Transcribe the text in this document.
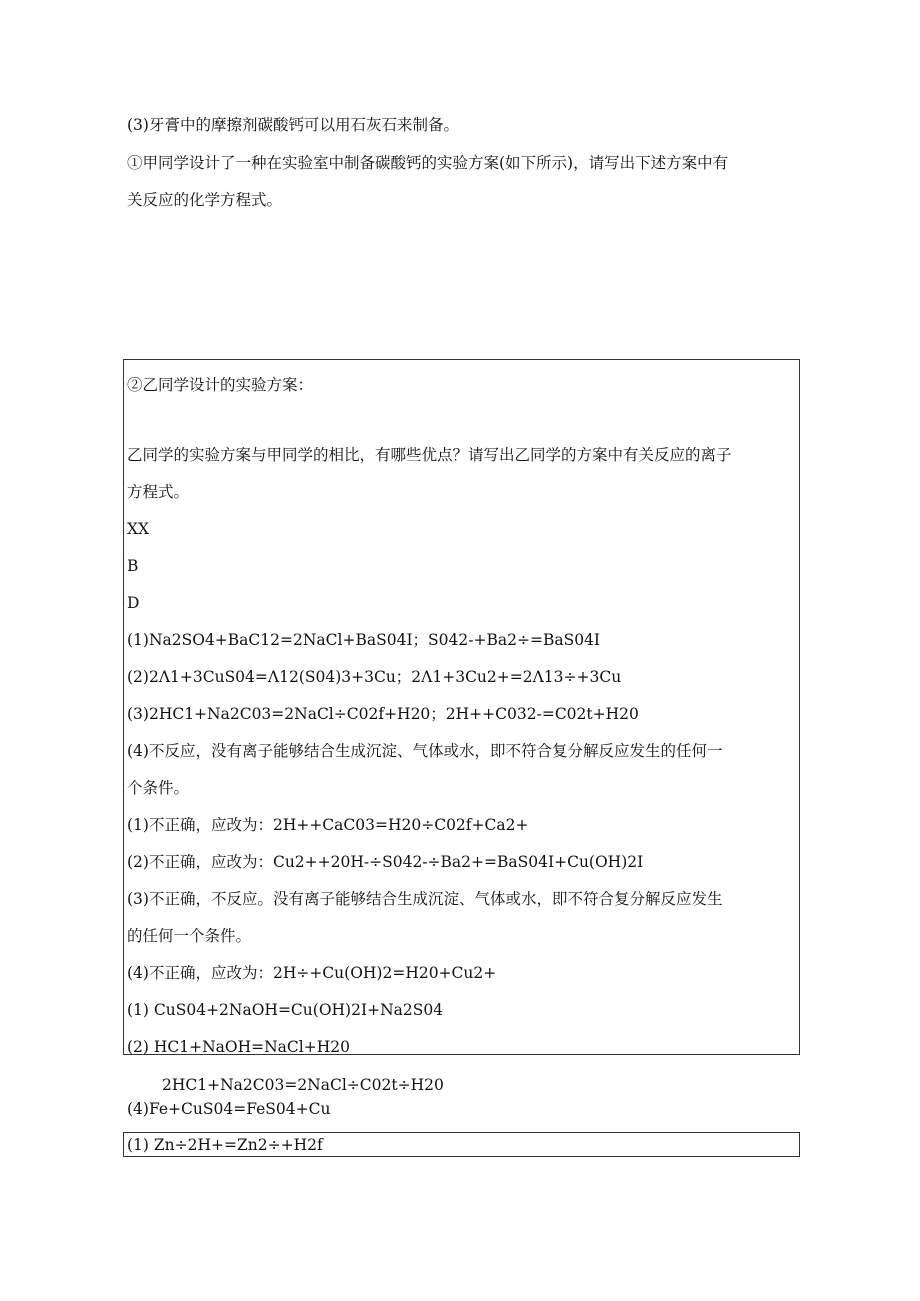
(3)牙膏中的摩擦剂碳酸钙可以用石灰石来制备。
①甲同学设计了一种在实验室中制备碳酸钙的实验方案(如下所示)，请写出下述方案中有
关反应的化学方程式。
②乙同学设计的实验方案：
乙同学的实验方案与甲同学的相比，有哪些优点？请写出乙同学的方案中有关反应的离子
方程式。
XX
B
D
(1)Na2SO4+BaC12=2NaCl+BaS04I；S042-+Ba2÷=BaS04I
(2)2Λ1+3CuS04=Λ12(S04)3+3Cu；2Λ1+3Cu2+=2Λ13÷+3Cu
(3)2HC1+Na2C03=2NaCl÷C02f+H20；2H++C032-=C02t+H20
(4)不反应，没有离子能够结合生成沉淀、气体或水，即不符合复分解反应发生的任何一
个条件。
(1)不正确，应改为：2H++CaC03=H20÷C02f+Ca2+
(2)不正确，应改为：Cu2++20H-÷S042-÷Ba2+=BaS04I+Cu(OH)2I
(3)不正确，不反应。没有离子能够结合生成沉淀、气体或水，即不符合复分解反应发生
的任何一个条件。
(4)不正确，应改为：2H÷+Cu(OH)2=H20+Cu2+
(1) CuS04+2NaOH=Cu(OH)2I+Na2S04
(2) HC1+NaOH=NaCl+H20
2HC1+Na2C03=2NaCl÷C02t÷H20
(4)Fe+CuS04=FeS04+Cu
(1) Zn÷2H+=Zn2÷+H2f
